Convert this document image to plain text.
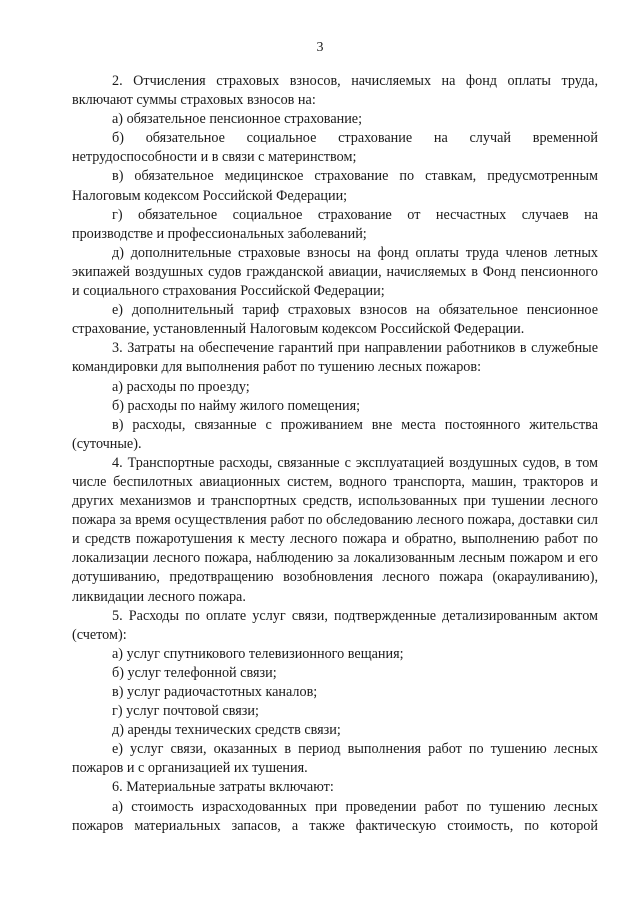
3

2. Отчисления страховых взносов, начисляемых на фонд оплаты труда, включают суммы страховых взносов на:

а) обязательное пенсионное страхование;

б) обязательное социальное страхование на случай временной нетрудоспособности и в связи с материнством;

в) обязательное медицинское страхование по ставкам, предусмотренным Налоговым кодексом Российской Федерации;

г) обязательное социальное страхование от несчастных случаев на производстве и профессиональных заболеваний;

д) дополнительные страховые взносы на фонд оплаты труда членов летных экипажей воздушных судов гражданской авиации, начисляемых в Фонд пенсионного и социального страхования Российской Федерации;

е) дополнительный тариф страховых взносов на обязательное пенсионное страхование, установленный Налоговым кодексом Российской Федерации.

3. Затраты на обеспечение гарантий при направлении работников в служебные командировки для выполнения работ по тушению лесных пожаров:

а) расходы по проезду;

б) расходы по найму жилого помещения;

в) расходы, связанные с проживанием вне места постоянного жительства (суточные).

4. Транспортные расходы, связанные с эксплуатацией воздушных судов, в том числе беспилотных авиационных систем, водного транспорта, машин, тракторов и других механизмов и транспортных средств, использованных при тушении лесного пожара за время осуществления работ по обследованию лесного пожара, доставки сил и средств пожаротушения к месту лесного пожара и обратно, выполнению работ по локализации лесного пожара, наблюдению за локализованным лесным пожаром и его дотушиванию, предотвращению возобновления лесного пожара (окарауливанию), ликвидации лесного пожара.

5. Расходы по оплате услуг связи, подтвержденные детализированным актом (счетом):

а) услуг спутникового телевизионного вещания;

б) услуг телефонной связи;

в) услуг радиочастотных каналов;

г) услуг почтовой связи;

д) аренды технических средств связи;

е) услуг связи, оказанных в период выполнения работ по тушению лесных пожаров и с организацией их тушения.

6. Материальные затраты включают:

а) стоимость израсходованных при проведении работ по тушению лесных пожаров материальных запасов, а также фактическую стоимость, по которой
